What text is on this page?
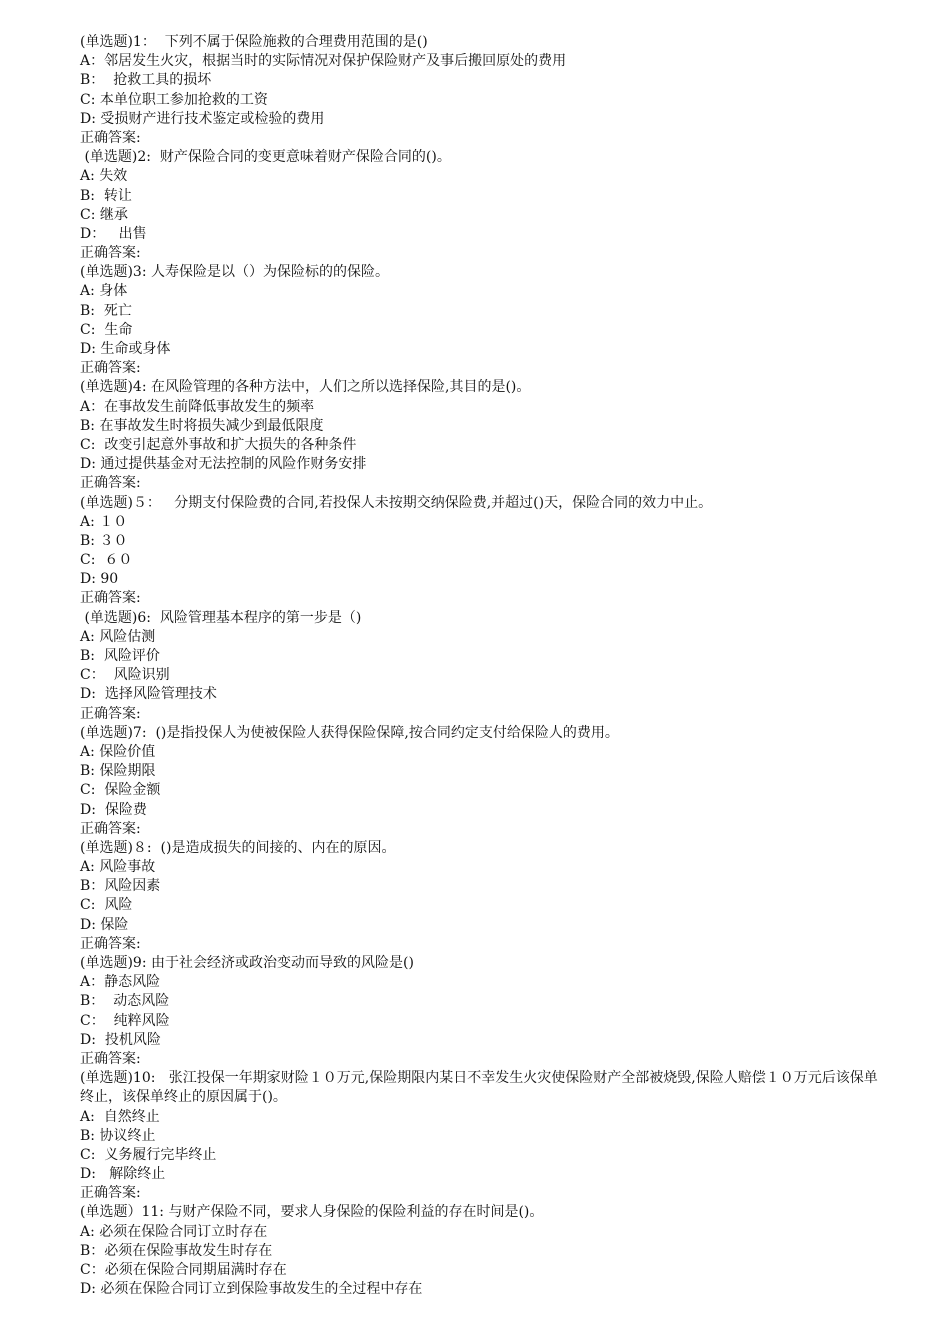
(单选题)1：  下列不属于保险施救的合理费用范围的是()
A：邻居发生火灾，根据当时的实际情况对保护保险财产及事后搬回原处的费用
B：  抢救工具的损坏
C: 本单位职工参加抢救的工资
D: 受损财产进行技术鉴定或检验的费用
正确答案:
(单选题)2:  财产保险合同的变更意味着财产保险合同的()。
A: 失效
B:  转让
C: 继承
D：   出售
正确答案:
(单选题)3: 人寿保险是以（）为保险标的的保险。
A: 身体
B:  死亡
C:  生命
D: 生命或身体
正确答案:
(单选题)4: 在风险管理的各种方法中，人们之所以选择保险,其目的是()。
A：在事故发生前降低事故发生的频率
B: 在事故发生时将损失减少到最低限度
C:  改变引起意外事故和扩大损失的各种条件
D: 通过提供基金对无法控制的风险作财务安排
正确答案:
(单选题)５：   分期支付保险费的合同,若投保人未按期交纳保险费,并超过()天，保险合同的效力中止。
A: １０
B: ３０
C:  ６０
D: 90
正确答案:
(单选题)6:  风险管理基本程序的第一步是（)
A: 风险估测
B:  风险评价
C：  风险识别
D:  选择风险管理技术
正确答案:
(单选题)7:  ()是指投保人为使被保险人获得保险保障,按合同约定支付给保险人的费用。
A: 保险价值
B: 保险期限
C:  保险金额
D:  保险费
正确答案:
(单选题)８:  ()是造成损失的间接的、内在的原因。
A: 风险事故
B：风险因素
C:  风险
D: 保险
正确答案:
(单选题)9: 由于社会经济或政治变动而导致的风险是()
A：静态风险
B：  动态风险
C：  纯粹风险
D:  投机风险
正确答案:
(单选题)10:   张江投保一年期家财险１０万元,保险期限内某日不幸发生火灾使保险财产全部被烧毁,保险人赔偿１０万元后该保单终止，该保单终止的原因属于()。
A:  自然终止
B: 协议终止
C:  义务履行完毕终止
D:   解除终止
正确答案:
(单选题）11: 与财产保险不同，要求人身保险的保险利益的存在时间是()。
A: 必须在保险合同订立时存在
B：必须在保险事故发生时存在
C：必须在保险合同期届满时存在
D: 必须在保险合同订立到保险事故发生的全过程中存在
